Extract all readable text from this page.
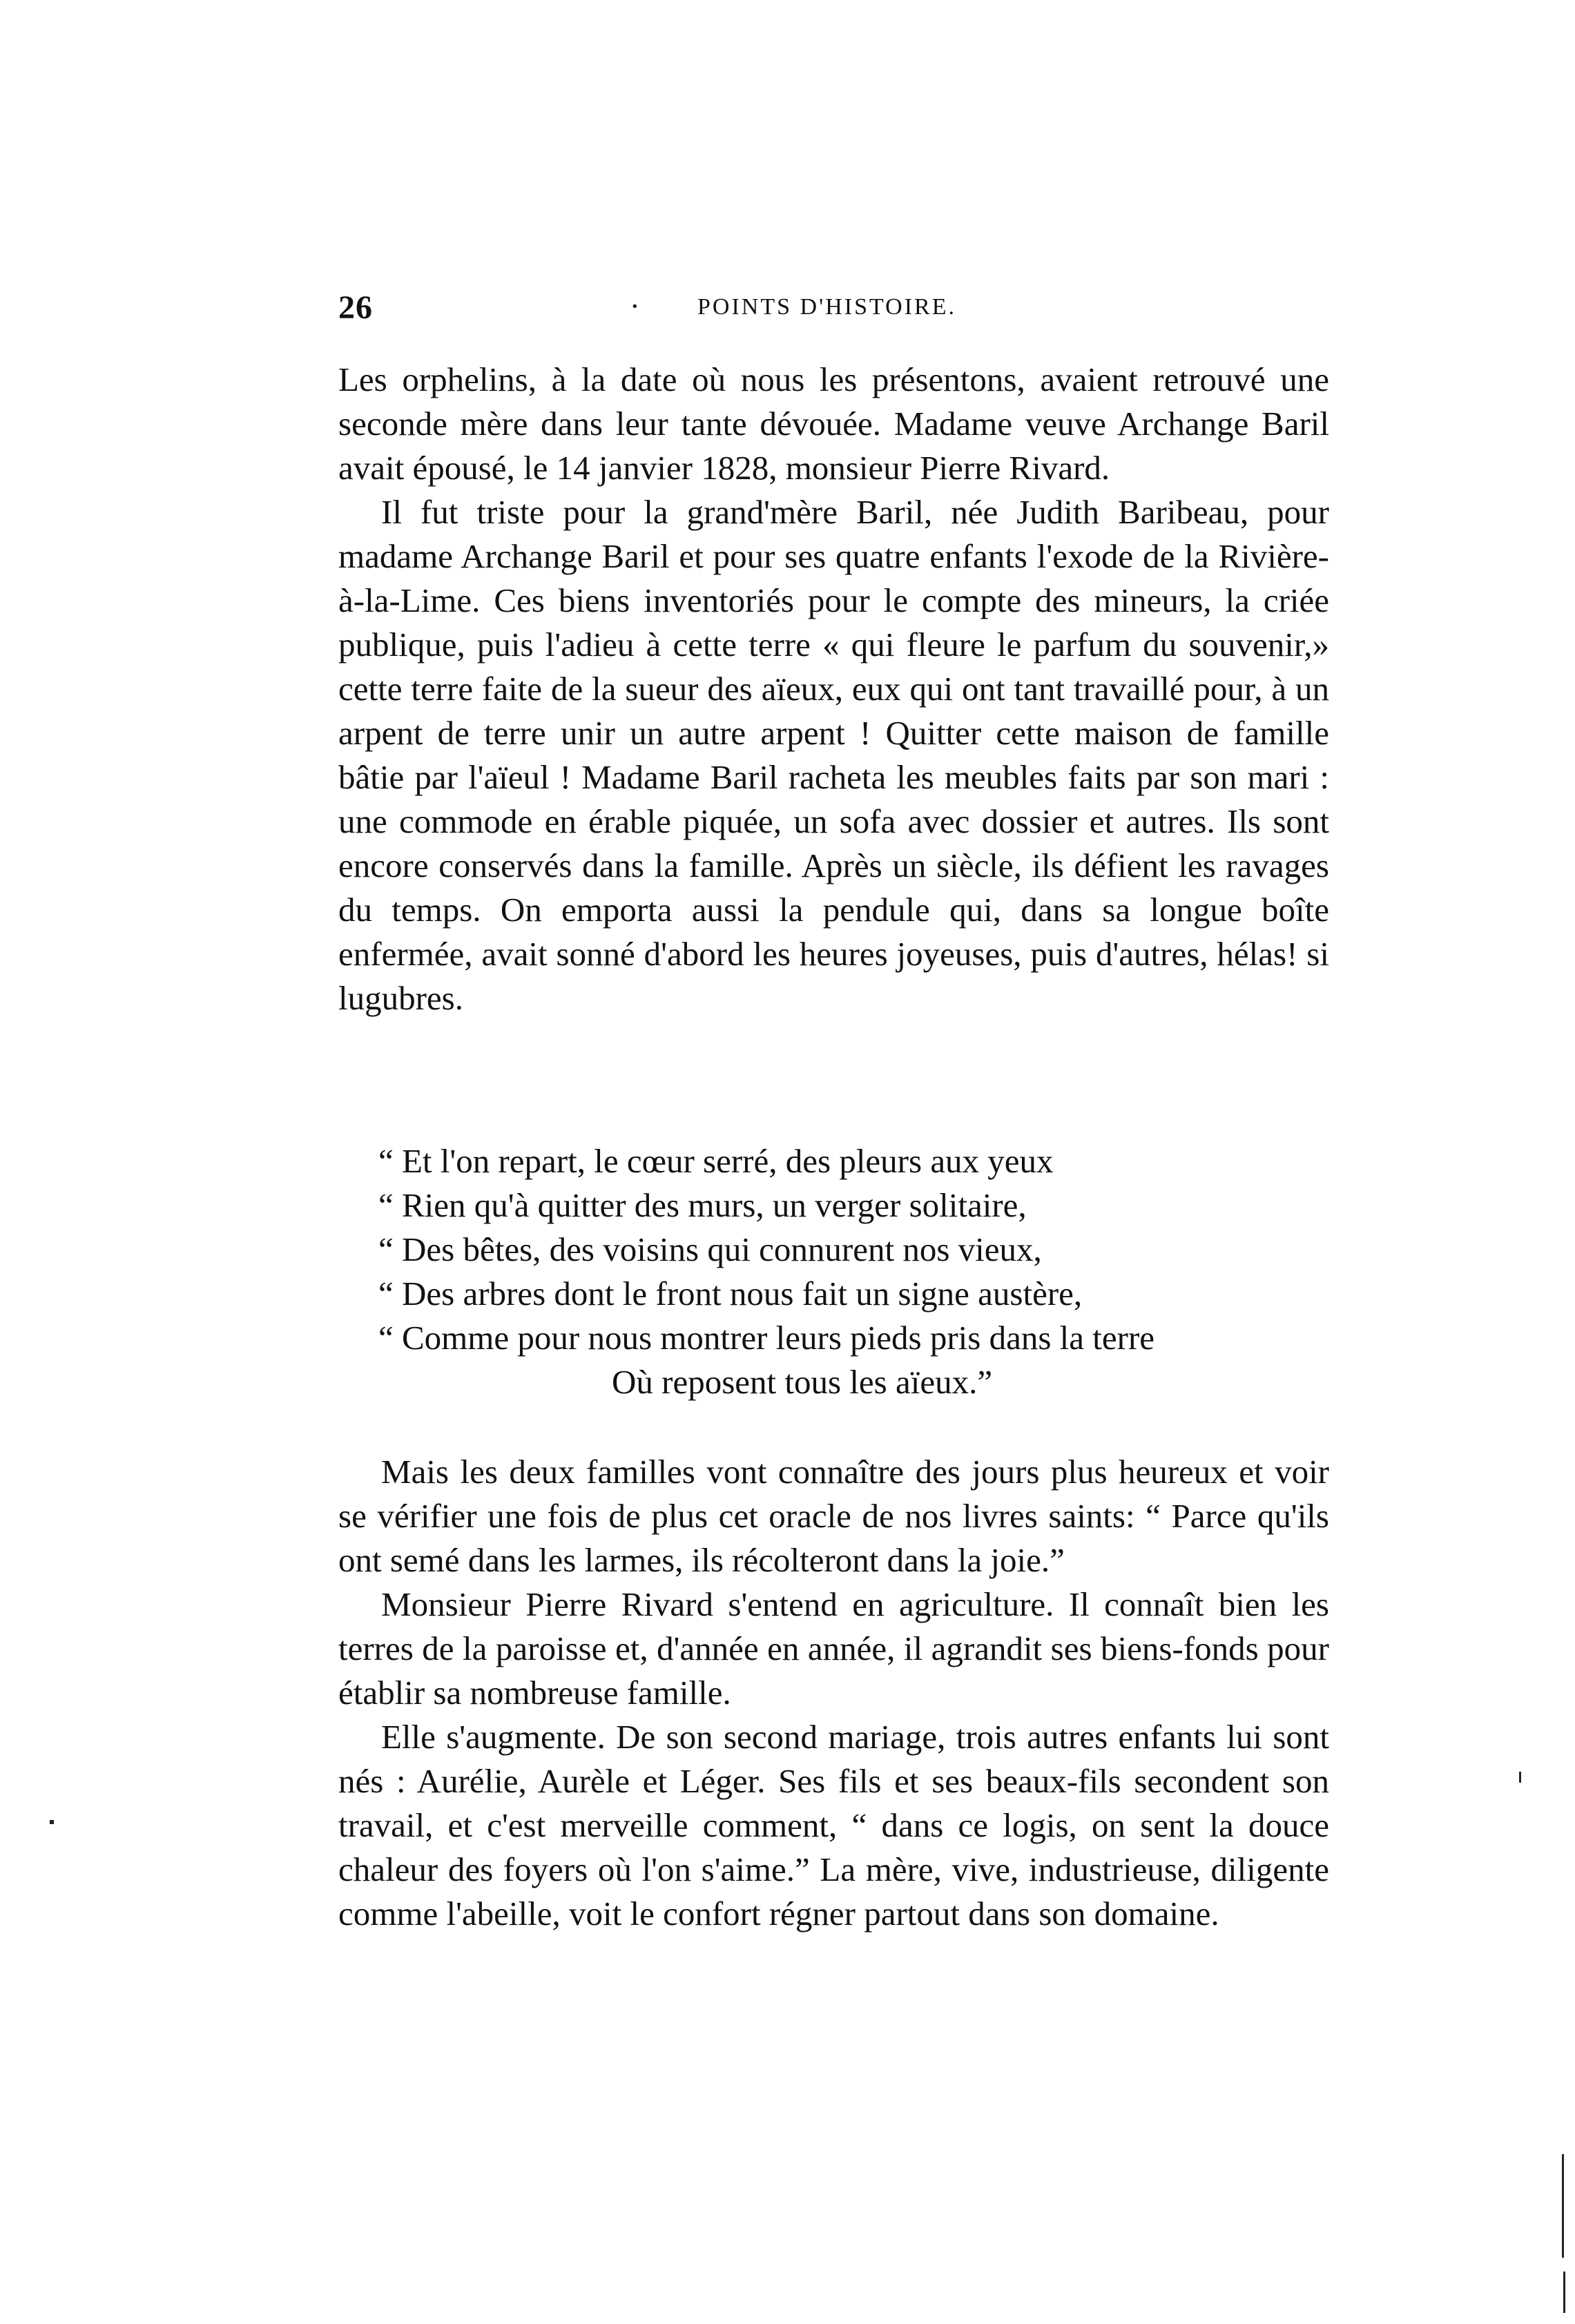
26	· POINTS D'HISTOIRE.

Les orphelins, à la date où nous les présentons, avaient retrouvé une seconde mère dans leur tante dévouée. Madame veuve Archange Baril avait épousé, le 14 janvier 1828, monsieur Pierre Rivard.

Il fut triste pour la grand'mère Baril, née Judith Baribeau, pour madame Archange Baril et pour ses quatre enfants l'exode de la Rivière-à-la-Lime. Ces biens inventoriés pour le compte des mineurs, la criée publique, puis l'adieu à cette terre « qui fleure le parfum du souvenir,» cette terre faite de la sueur des aïeux, eux qui ont tant travaillé pour, à un arpent de terre unir un autre arpent ! Quitter cette maison de famille bâtie par l'aïeul ! Madame Baril racheta les meubles faits par son mari : une commode en érable piquée, un sofa avec dossier et autres. Ils sont encore conservés dans la famille. Après un siècle, ils défient les ravages du temps. On emporta aussi la pendule qui, dans sa longue boîte enfermée, avait sonné d'abord les heures joyeuses, puis d'autres, hélas! si lugubres.

“ Et l'on repart, le cœur serré, des pleurs aux yeux
“ Rien qu'à quitter des murs, un verger solitaire,
“ Des bêtes, des voisins qui connurent nos vieux,
“ Des arbres dont le front nous fait un signe austère,
“ Comme pour nous montrer leurs pieds pris dans la terre
Où reposent tous les aïeux.”

Mais les deux familles vont connaître des jours plus heureux et voir se vérifier une fois de plus cet oracle de nos livres saints: “ Parce qu'ils ont semé dans les larmes, ils récolteront dans la joie.”

Monsieur Pierre Rivard s'entend en agriculture. Il connaît bien les terres de la paroisse et, d'année en année, il agrandit ses biens-fonds pour établir sa nombreuse famille.

Elle s'augmente. De son second mariage, trois autres enfants lui sont nés : Aurélie, Aurèle et Léger. Ses fils et ses beaux-fils secondent son travail, et c'est merveille comment, “ dans ce logis, on sent la douce chaleur des foyers où l'on s'aime.” La mère, vive, industrieuse, diligente comme l'abeille, voit le confort régner partout dans son domaine.
